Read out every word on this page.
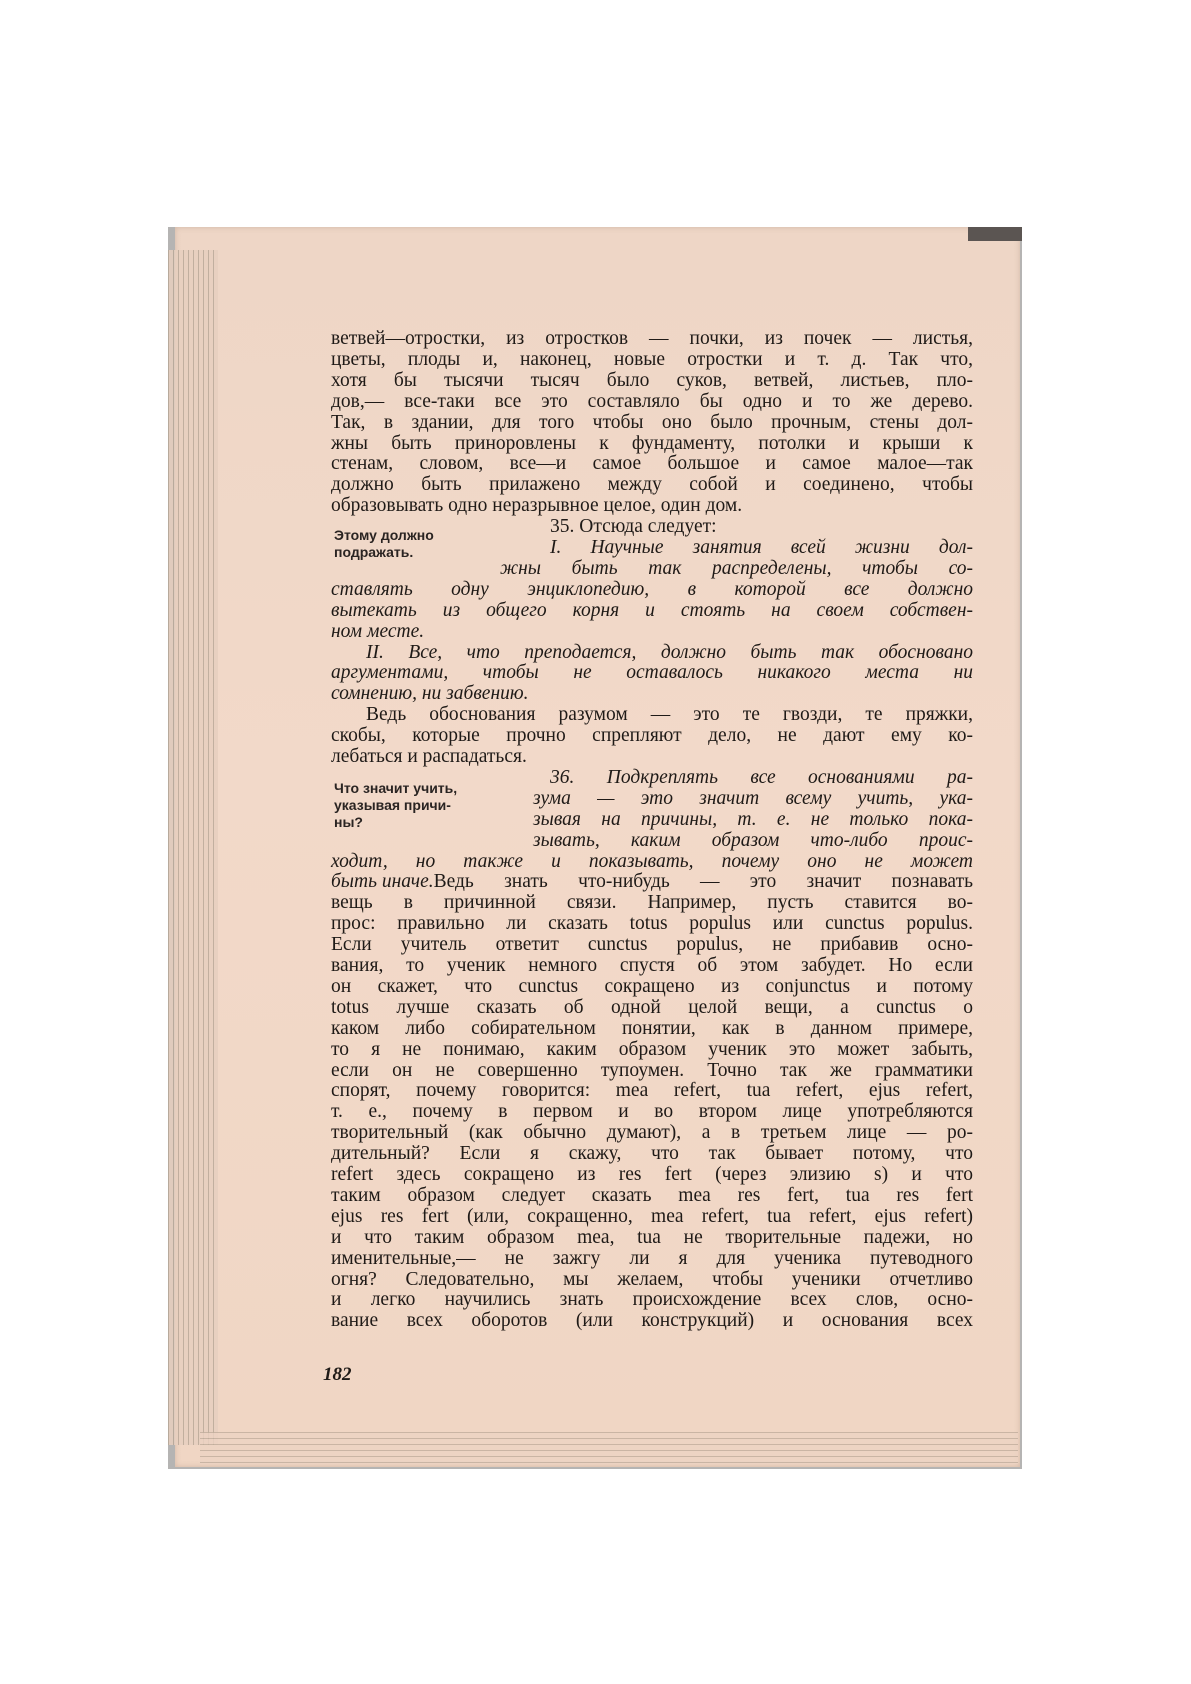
ветвей—отростки, из отростков — почки, из почек — листья,
цветы, плоды и, наконец, новые отростки и т. д. Так что,
хотя бы тысячи тысяч было суков, ветвей, листьев, пло-
дов,— все-таки все это составляло бы одно и то же дерево.
Так, в здании, для того чтобы оно было прочным, стены дол-
жны быть приноровлены к фундаменту, потолки и крыши к
стенам, словом, все—и самое большое и самое малое—так
должно быть прилажено между собой и соединено, чтобы
образовывать одно неразрывное целое, один дом.
35. Отсюда следует:
Этому должно
подражать.	I. Научные занятия всей жизни дол-
жны быть так распределены, чтобы со-
ставлять одну энциклопедию, в которой все должно
вытекать из общего корня и стоять на своем собствен-
ном месте.
II. Все, что преподается, должно быть так обосновано
аргументами, чтобы не оставалось никакого места ни
сомнению, ни забвению.
Ведь обоснования разумом — это те гвозди, те пряжки,
скобы, которые прочно спрепляют дело, не дают ему ко-
лебаться и распадаться.
36. Подкреплять все основаниями ра-
Что значит учить,
указывая причи-
ны?
зума — это значит всему учить, ука-
зывая на причины, т. е. не только пока-
зывать, каким образом что-либо проис-
ходит, но также и показывать, почему оно не может
быть иначе. Ведь знать что-нибудь — это значит познавать
вещь в причинной связи. Например, пусть ставится во-
прос: правильно ли сказать totus populus или cunctus populus.
Если учитель ответит cunctus populus, не прибавив осно-
вания, то ученик немного спустя об этом забудет. Но если
он скажет, что cunctus сокращено из conjunctus и потому
totus лучше сказать об одной целой вещи, а cunctus о
каком либо собирательном понятии, как в данном примере,
то я не понимаю, каким образом ученик это может забыть,
если он не совершенно тупоумен. Точно так же грамматики
спорят, почему говорится: mea refert, tua refert, ejus refert,
т. е., почему в первом и во втором лице употребляются
творительный (как обычно думают), а в третьем лице — ро-
дительный? Если я скажу, что так бывает потому, что
refert здесь сокращено из res fert (через элизию s) и что
таким образом следует сказать mea res fert, tua res fert
ejus res fert (или, сокращенно, mea refert, tua refert, ejus refert)
и что таким образом mea, tua не творительные падежи, но
именительные,— не зажгу ли я для ученика путеводного
182
огня? Следовательно, мы желаем, чтобы ученики отчетливо
и легко научились знать происхождение всех слов, осно-
вание всех оборотов (или конструкций) и основания всех
